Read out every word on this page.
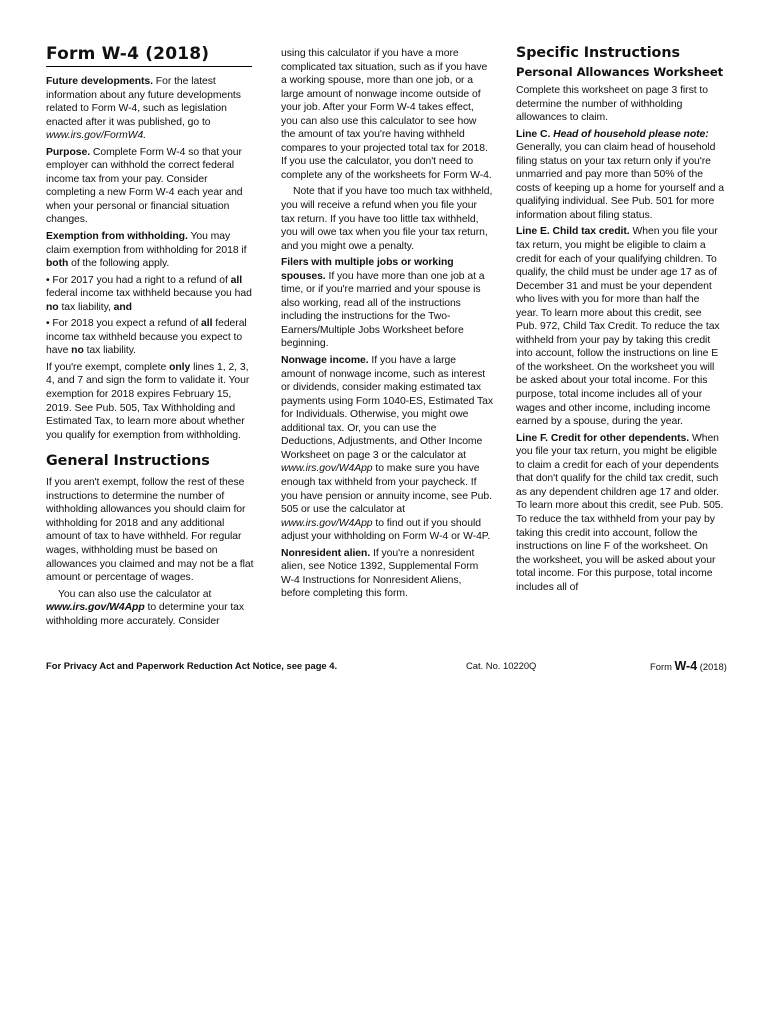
Form W-4 (2018)

Future developments. For the latest information about any future developments related to Form W-4, such as legislation enacted after it was published, go to www.irs.gov/FormW4.

Purpose. Complete Form W-4 so that your employer can withhold the correct federal income tax from your pay. Consider completing a new Form W-4 each year and when your personal or financial situation changes.

Exemption from withholding. You may claim exemption from withholding for 2018 if both of the following apply.

• For 2017 you had a right to a refund of all federal income tax withheld because you had no tax liability, and

• For 2018 you expect a refund of all federal income tax withheld because you expect to have no tax liability.

If you're exempt, complete only lines 1, 2, 3, 4, and 7 and sign the form to validate it. Your exemption for 2018 expires February 15, 2019. See Pub. 505, Tax Withholding and Estimated Tax, to learn more about whether you qualify for exemption from withholding.

General Instructions

If you aren't exempt, follow the rest of these instructions to determine the number of withholding allowances you should claim for withholding for 2018 and any additional amount of tax to have withheld. For regular wages, withholding must be based on allowances you claimed and may not be a flat amount or percentage of wages.

You can also use the calculator at www.irs.gov/W4App to determine your tax withholding more accurately. Consider

using this calculator if you have a more complicated tax situation, such as if you have a working spouse, more than one job, or a large amount of nonwage income outside of your job. After your Form W-4 takes effect, you can also use this calculator to see how the amount of tax you're having withheld compares to your projected total tax for 2018. If you use the calculator, you don't need to complete any of the worksheets for Form W-4.

Note that if you have too much tax withheld, you will receive a refund when you file your tax return. If you have too little tax withheld, you will owe tax when you file your tax return, and you might owe a penalty.

Filers with multiple jobs or working spouses. If you have more than one job at a time, or if you're married and your spouse is also working, read all of the instructions including the instructions for the Two-Earners/Multiple Jobs Worksheet before beginning.

Nonwage income. If you have a large amount of nonwage income, such as interest or dividends, consider making estimated tax payments using Form 1040-ES, Estimated Tax for Individuals. Otherwise, you might owe additional tax. Or, you can use the Deductions, Adjustments, and Other Income Worksheet on page 3 or the calculator at www.irs.gov/W4App to make sure you have enough tax withheld from your paycheck. If you have pension or annuity income, see Pub. 505 or use the calculator at www.irs.gov/W4App to find out if you should adjust your withholding on Form W-4 or W-4P.

Nonresident alien. If you're a nonresident alien, see Notice 1392, Supplemental Form W-4 Instructions for Nonresident Aliens, before completing this form.

Specific Instructions
Personal Allowances Worksheet

Complete this worksheet on page 3 first to determine the number of withholding allowances to claim.

Line C. Head of household please note: Generally, you can claim head of household filing status on your tax return only if you're unmarried and pay more than 50% of the costs of keeping up a home for yourself and a qualifying individual. See Pub. 501 for more information about filing status.

Line E. Child tax credit. When you file your tax return, you might be eligible to claim a credit for each of your qualifying children. To qualify, the child must be under age 17 as of December 31 and must be your dependent who lives with you for more than half the year. To learn more about this credit, see Pub. 972, Child Tax Credit. To reduce the tax withheld from your pay by taking this credit into account, follow the instructions on line E of the worksheet. On the worksheet you will be asked about your total income. For this purpose, total income includes all of your wages and other income, including income earned by a spouse, during the year.

Line F. Credit for other dependents. When you file your tax return, you might be eligible to claim a credit for each of your dependents that don't qualify for the child tax credit, such as any dependent children age 17 and older. To learn more about this credit, see Pub. 505. To reduce the tax withheld from your pay by taking this credit into account, follow the instructions on line F of the worksheet. On the worksheet, you will be asked about your total income. For this purpose, total income includes all of

For Privacy Act and Paperwork Reduction Act Notice, see page 4.	Cat. No. 10220Q	Form W-4 (2018)
